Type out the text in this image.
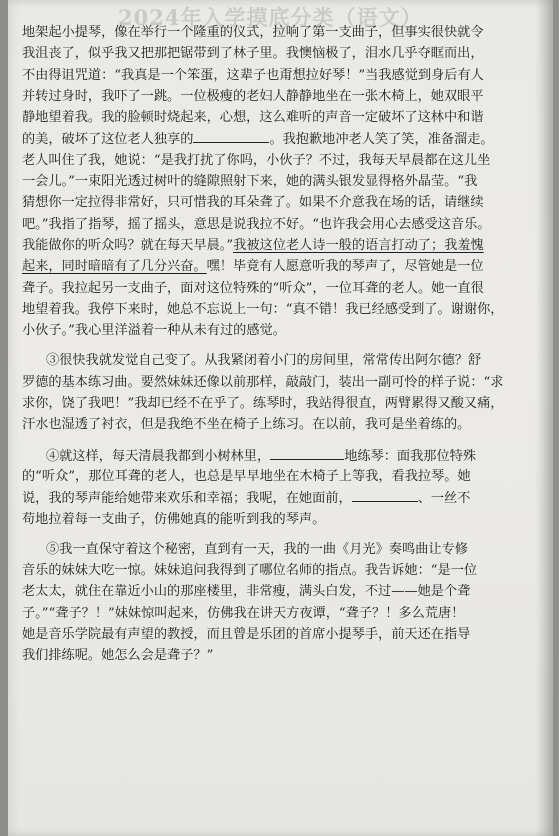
2024年入学摸底分类（语文）
地架起小提琴，像在举行一个隆重的仪式，拉响了第一支曲子，但事实很快就令
我沮丧了，似乎我又把那把锯带到了林子里。我懊恼极了，泪水几乎夺眶而出，
不由得诅咒道：“我真是一个笨蛋，这辈子也甭想拉好琴！”当我感觉到身后有人
并转过身时，我吓了一跳。一位极瘦的老妇人静静地坐在一张木椅上，她双眼平
静地望着我。我的脸顿时烧起来，心想，这么难听的声音一定破坏了这林中和谐
的美，破坏了这位老人独享的	。我抱歉地冲老人笑了笑，准备溜走。
老人叫住了我，她说：“是我打扰了你吗，小伙子？不过，我每天早晨都在这儿坐
一会儿。”一束阳光透过树叶的缝隙照射下来，她的满头银发显得格外晶莹。“我
猜想你一定拉得非常好，只可惜我的耳朵聋了。如果不介意我在场的话，请继续
吧。”我指了指琴，摇了摇头，意思是说我拉不好。“也许我会用心去感受这音乐。
我能做你的听众吗？就在每天早晨。”我被这位老人诗一般的语言打动了；我羞愧
起来，同时暗暗有了几分兴奋。嘿！毕竟有人愿意听我的琴声了，尽管她是一位
聋子。我拉起另一支曲子，面对这位特殊的“听众”，一位耳聋的老人。她一直很
地望着我。我停下来时，她总不忘说上一句：“真不错！我已经感受到了。谢谢你，
小伙子。”我心里洋溢着一种从未有过的感觉。
③很快我就发觉自己变了。从我紧闭着小门的房间里，常常传出阿尔德？舒
罗德的基本练习曲。要然妹妹还像以前那样，敲敲门，装出一副可怜的样子说：“求
求你，饶了我吧！”我却已经不在乎了。练琴时，我站得很直，两臂累得又酸又痛，
汗水也湿透了衬衣，但是我绝不坐在椅子上练习。在以前，我可是坐着练的。
④就这样，每天清晨我都到小树林里，	地练琴：面我那位特殊
的“听众”，那位耳聋的老人，也总是早早地坐在木椅子上等我，看我拉琴。她
说，我的琴声能给她带来欢乐和幸福；我呢，在她面前，	、一丝不
苟地拉着每一支曲子，仿佛她真的能听到我的琴声。
⑤我一直保守着这个秘密，直到有一天，我的一曲《月光》奏鸣曲让专修
音乐的妹妹大吃一惊。妹妹追问我得到了哪位名师的指点。我告诉她：“是一位
老太太，就住在靠近小山的那座楼里，非常瘦，满头白发，不过——她是个聋
子。”“聋子？！”妹妹惊叫起来，仿佛我在讲天方夜谭，“聋子？！多么荒唐！
她是音乐学院最有声望的教授，而且曾是乐团的首席小提琴手，前天还在指导
我们排练呢。她怎么会是聋子？”
